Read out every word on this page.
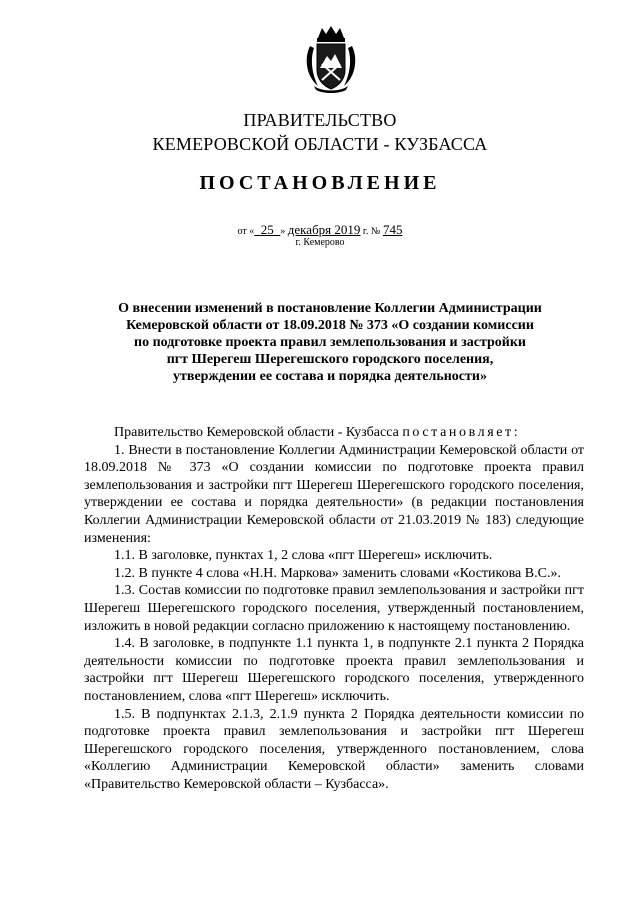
ПРАВИТЕЛЬСТВО
КЕМЕРОВСКОЙ ОБЛАСТИ - КУЗБАССА
ПОСТАНОВЛЕНИЕ
от « 25 » декабря 2019 г. № 745
г. Кемерово
О внесении изменений в постановление Коллегии Администрации
Кемеровской области от 18.09.2018 № 373 «О создании комиссии
по подготовке проекта правил землепользования и застройки
пгт Шерегеш Шерегешского городского поселения,
утверждении ее состава и порядка деятельности»

Правительство Кемеровской области - Кузбасса постановляет:

1. Внести в постановление Коллегии Администрации Кемеровской области от 18.09.2018 № 373 «О создании комиссии по подготовке проекта правил землепользования и застройки пгт Шерегеш Шерегешского городского поселения, утверждении ее состава и порядка деятельности» (в редакции постановления Коллегии Администрации Кемеровской области от 21.03.2019 № 183) следующие изменения:

1.1. В заголовке, пунктах 1, 2 слова «пгт Шерегеш» исключить.

1.2. В пункте 4 слова «Н.Н. Маркова» заменить словами «Костикова В.С.».

1.3. Состав комиссии по подготовке правил землепользования и застройки пгт Шерегеш Шерегешского городского поселения, утвержденный постановлением, изложить в новой редакции согласно приложению к настоящему постановлению.

1.4. В заголовке, в подпункте 1.1 пункта 1, в подпункте 2.1 пункта 2 Порядка деятельности комиссии по подготовке проекта правил землепользования и застройки пгт Шерегеш Шерегешского городского поселения, утвержденного постановлением, слова «пгт Шерегеш» исключить.

1.5. В подпунктах 2.1.3, 2.1.9 пункта 2 Порядка деятельности комиссии по подготовке проекта правил землепользования и застройки пгт Шерегеш Шерегешского городского поселения, утвержденного постановлением, слова «Коллегию Администрации Кемеровской области» заменить словами «Правительство Кемеровской области – Кузбасса».
